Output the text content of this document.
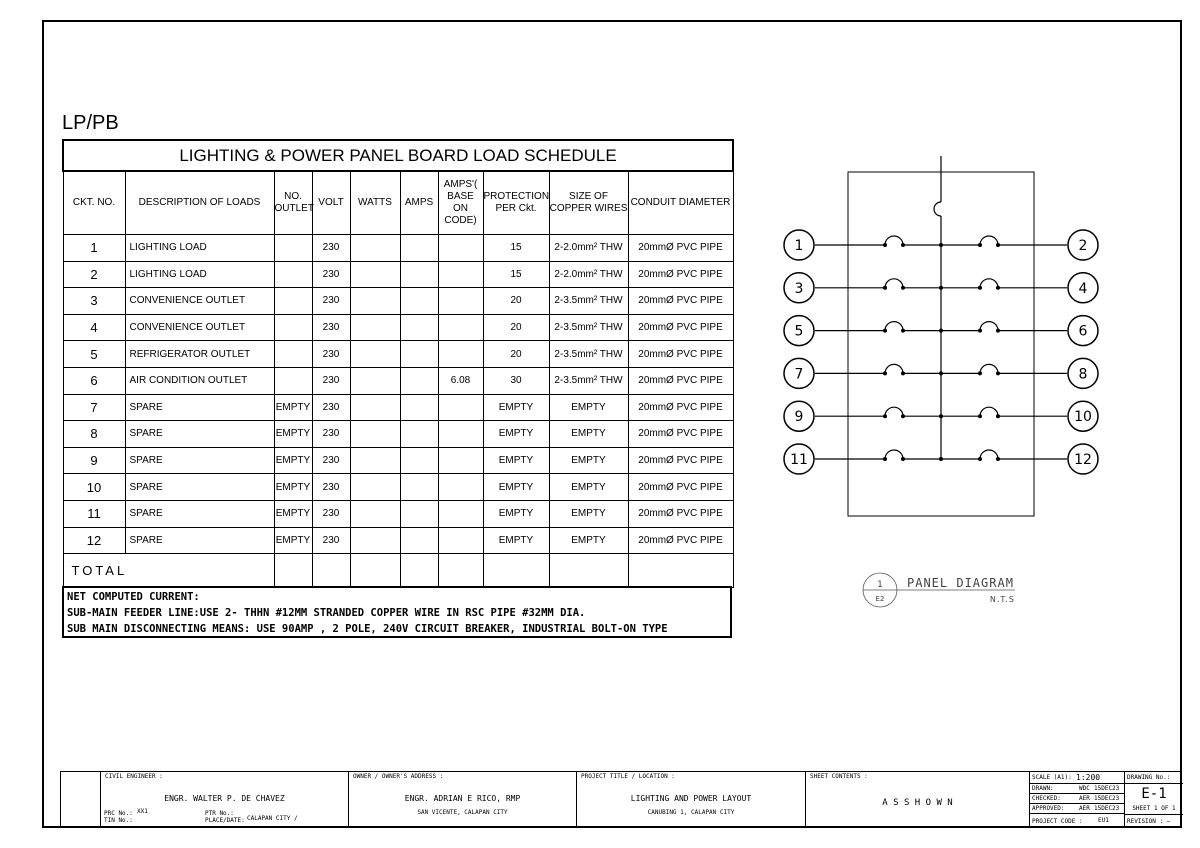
LP/PB
LIGHTING & POWER PANEL BOARD LOAD SCHEDULE									
CKT. NO.	DESCRIPTION OF LOADS	NO. OUTLET	VOLT	WATTS	AMPS	AMPS'( BASE ON CODE)	PROTECTION PER Ckt.	SIZE OF COPPER WIRES	CONDUIT DIAMETER
1	LIGHTING LOAD		230				15	2-2.0mm² THW	20mmØ PVC PIPE
2	LIGHTING LOAD		230				15	2-2.0mm² THW	20mmØ PVC PIPE
3	CONVENIENCE OUTLET		230				20	2-3.5mm² THW	20mmØ PVC PIPE
4	CONVENIENCE OUTLET		230				20	2-3.5mm² THW	20mmØ PVC PIPE
5	REFRIGERATOR OUTLET		230				20	2-3.5mm² THW	20mmØ PVC PIPE
6	AIR CONDITION OUTLET		230			6.08	30	2-3.5mm² THW	20mmØ PVC PIPE
7	SPARE	EMPTY	230				EMPTY	EMPTY	20mmØ PVC PIPE
8	SPARE	EMPTY	230				EMPTY	EMPTY	20mmØ PVC PIPE
9	SPARE	EMPTY	230				EMPTY	EMPTY	20mmØ PVC PIPE
10	SPARE	EMPTY	230				EMPTY	EMPTY	20mmØ PVC PIPE
11	SPARE	EMPTY	230				EMPTY	EMPTY	20mmØ PVC PIPE
12	SPARE	EMPTY	230				EMPTY	EMPTY	20mmØ PVC PIPE
TOTAL									
NET COMPUTED CURRENT:
SUB-MAIN FEEDER LINE:USE 2- THHN #12MM STRANDED COPPER WIRE IN RSC PIPE #32MM DIA.
SUB MAIN DISCONNECTING MEANS: USE 90AMP , 2 POLE, 240V CIRCUIT BREAKER, INDUSTRIAL BOLT-ON TYPE
1	2
3	4
5	6
7	8
9	10
11	12
1
E2
PANEL DIAGRAM
N.T.S
CIVIL ENGINEER :
ENGR. WALTER P. DE CHAVEZ
PRC No.: XX1
TIN No.:
PTR No.:
PLACE/DATE: CALAPAN CITY /
OWNER / OWNER'S ADDRESS :
ENGR. ADRIAN E RICO, RMP
SAN VICENTE, CALAPAN CITY
PROJECT TITLE / LOCATION :
LIGHTING AND POWER LAYOUT
CANUBING 1, CALAPAN CITY
SHEET CONTENTS :
A S S H O W N
SCALE (A1): 1:200
DRAWN:	WDC 15DEC23
CHECKED:	AER 15DEC23
APPROVED: AER 15DEC23
PROJECT CODE :	EU1
DRAWING No.:
E-1
SHEET 1 OF 1
REVISION : —
